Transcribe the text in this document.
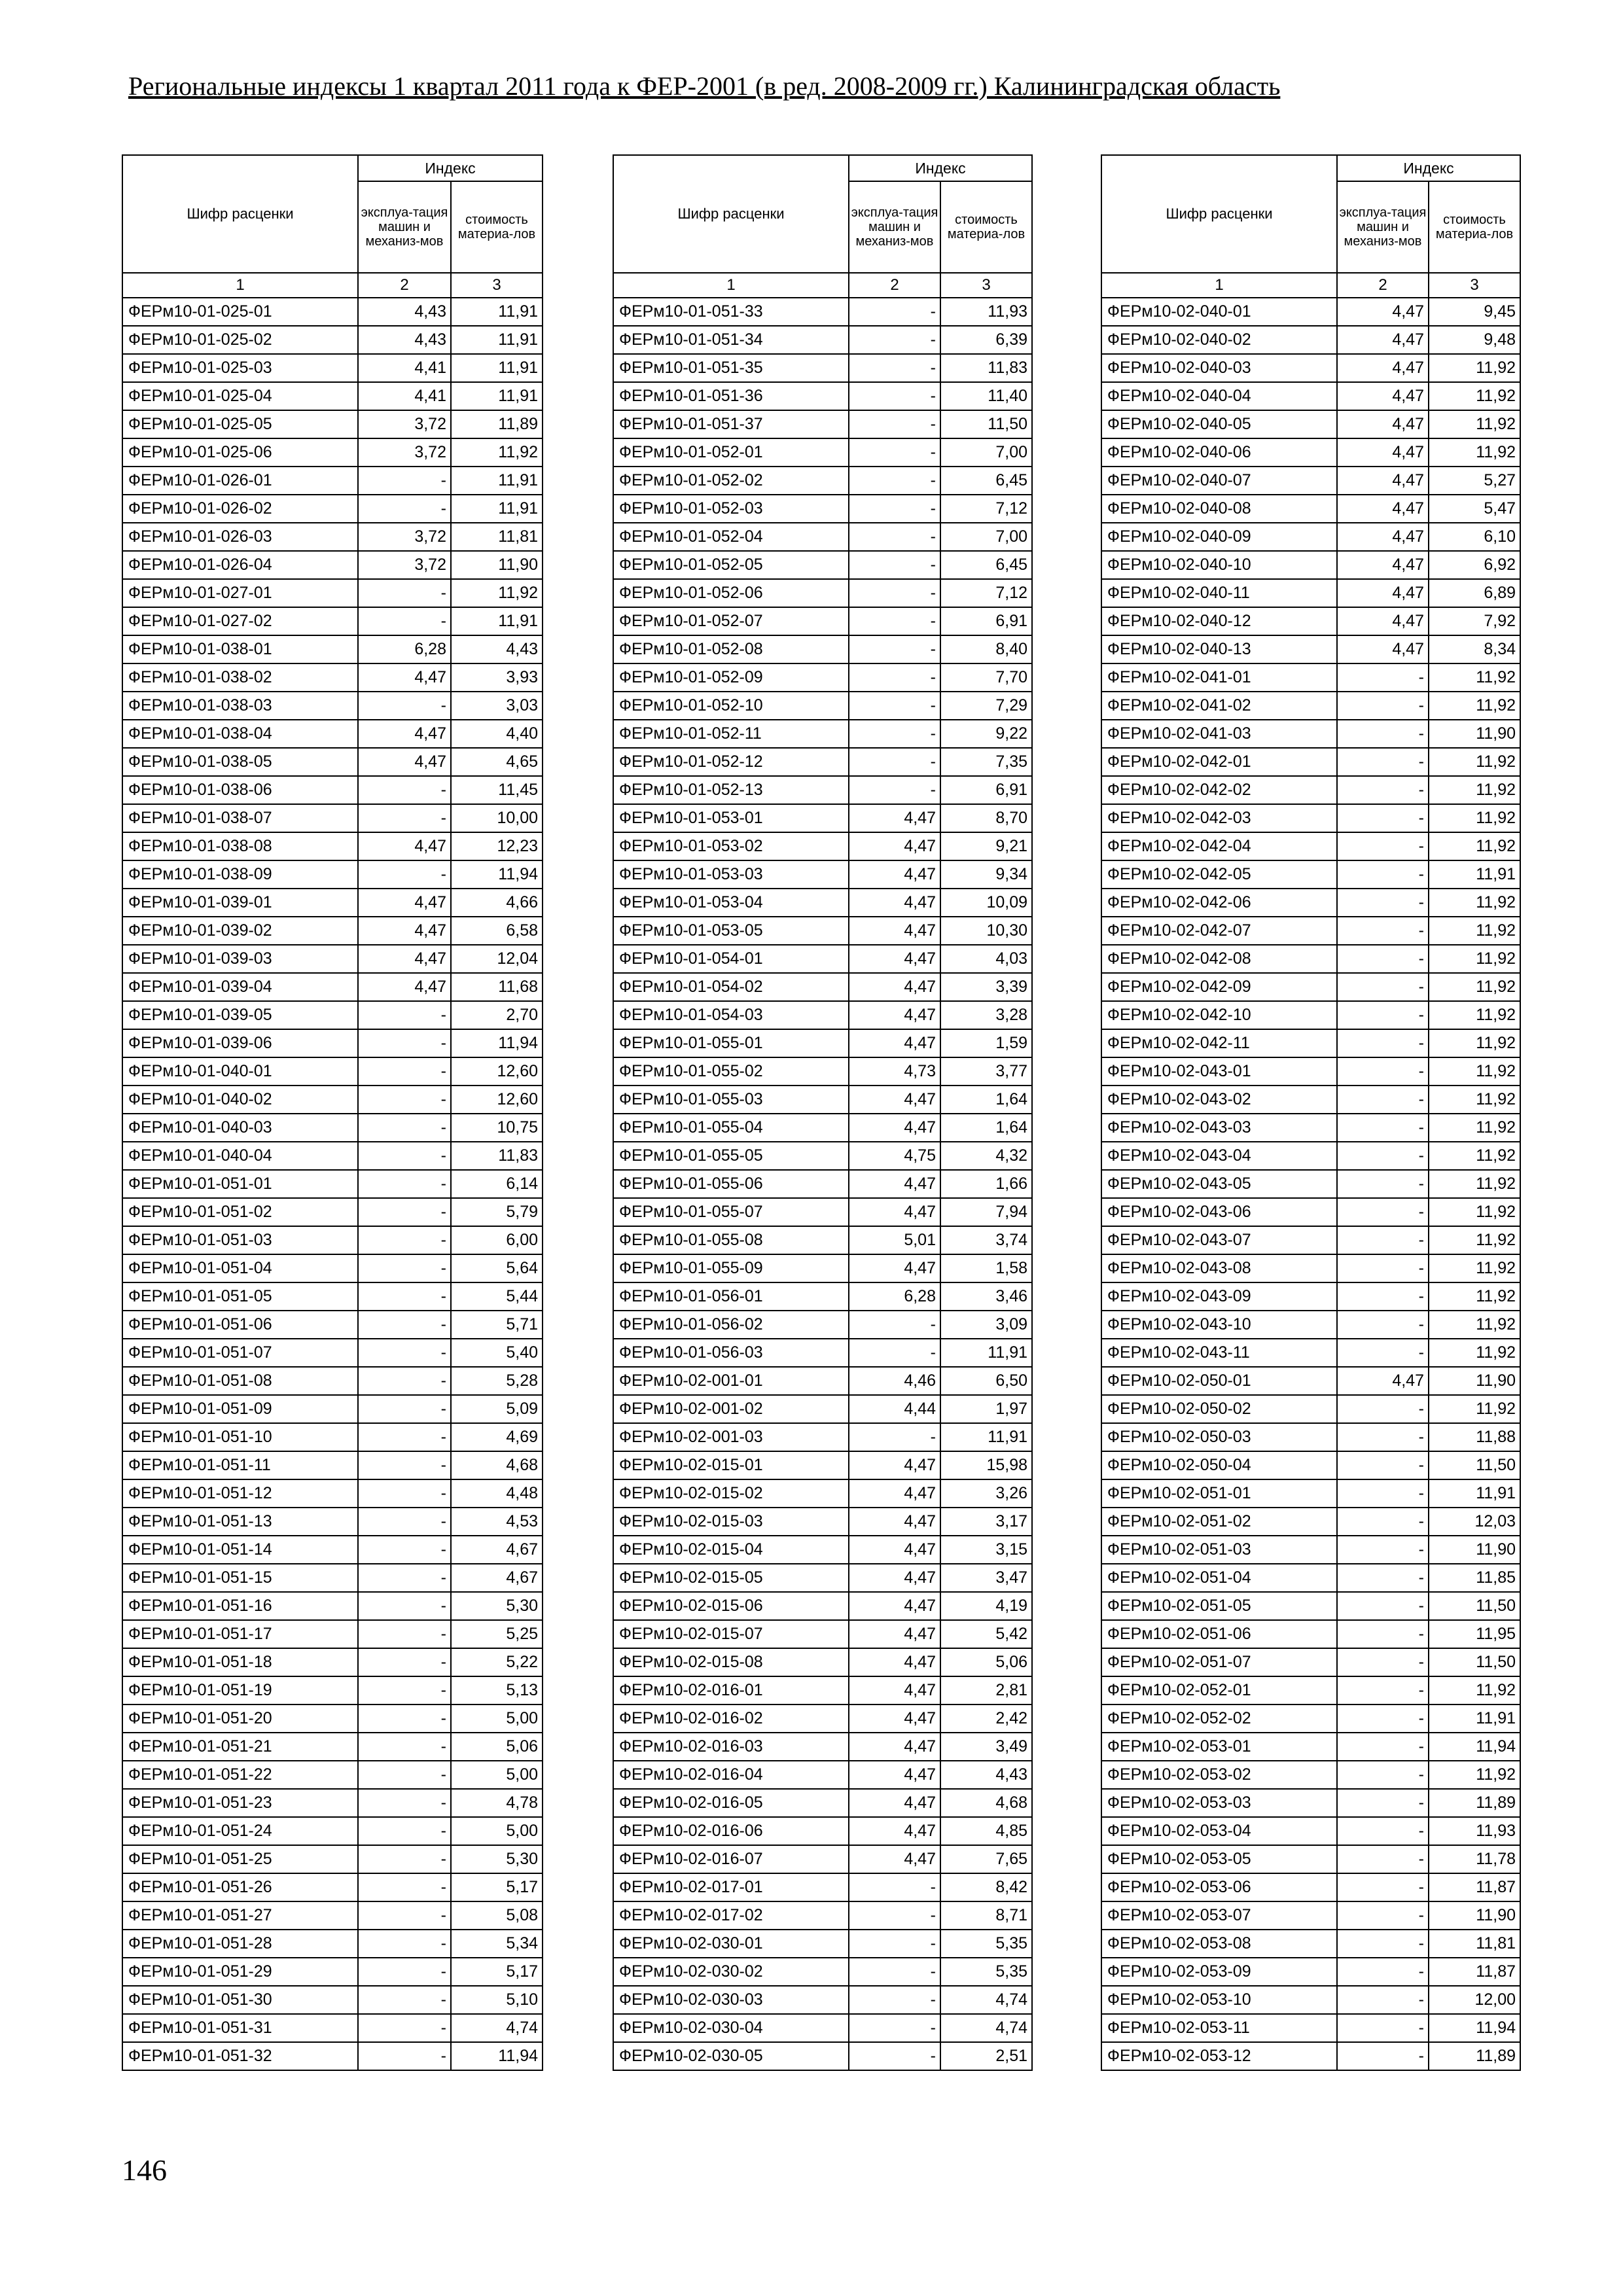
Региональные индексы 1 квартал 2011 года к ФЕР-2001 (в ред. 2008-2009 гг.) Калининградская область
Шифр расценки	Индекс	
	эксплуа-тация машин и механиз-мов	стоимость материа-лов
1	2	3
ФЕРм10-01-025-01	4,43	11,91
ФЕРм10-01-025-02	4,43	11,91
ФЕРм10-01-025-03	4,41	11,91
ФЕРм10-01-025-04	4,41	11,91
ФЕРм10-01-025-05	3,72	11,89
ФЕРм10-01-025-06	3,72	11,92
ФЕРм10-01-026-01	-	11,91
ФЕРм10-01-026-02	-	11,91
ФЕРм10-01-026-03	3,72	11,81
ФЕРм10-01-026-04	3,72	11,90
ФЕРм10-01-027-01	-	11,92
ФЕРм10-01-027-02	-	11,91
ФЕРм10-01-038-01	6,28	4,43
ФЕРм10-01-038-02	4,47	3,93
ФЕРм10-01-038-03	-	3,03
ФЕРм10-01-038-04	4,47	4,40
ФЕРм10-01-038-05	4,47	4,65
ФЕРм10-01-038-06	-	11,45
ФЕРм10-01-038-07	-	10,00
ФЕРм10-01-038-08	4,47	12,23
ФЕРм10-01-038-09	-	11,94
ФЕРм10-01-039-01	4,47	4,66
ФЕРм10-01-039-02	4,47	6,58
ФЕРм10-01-039-03	4,47	12,04
ФЕРм10-01-039-04	4,47	11,68
ФЕРм10-01-039-05	-	2,70
ФЕРм10-01-039-06	-	11,94
ФЕРм10-01-040-01	-	12,60
ФЕРм10-01-040-02	-	12,60
ФЕРм10-01-040-03	-	10,75
ФЕРм10-01-040-04	-	11,83
ФЕРм10-01-051-01	-	6,14
ФЕРм10-01-051-02	-	5,79
ФЕРм10-01-051-03	-	6,00
ФЕРм10-01-051-04	-	5,64
ФЕРм10-01-051-05	-	5,44
ФЕРм10-01-051-06	-	5,71
ФЕРм10-01-051-07	-	5,40
ФЕРм10-01-051-08	-	5,28
ФЕРм10-01-051-09	-	5,09
ФЕРм10-01-051-10	-	4,69
ФЕРм10-01-051-11	-	4,68
ФЕРм10-01-051-12	-	4,48
ФЕРм10-01-051-13	-	4,53
ФЕРм10-01-051-14	-	4,67
ФЕРм10-01-051-15	-	4,67
ФЕРм10-01-051-16	-	5,30
ФЕРм10-01-051-17	-	5,25
ФЕРм10-01-051-18	-	5,22
ФЕРм10-01-051-19	-	5,13
ФЕРм10-01-051-20	-	5,00
ФЕРм10-01-051-21	-	5,06
ФЕРм10-01-051-22	-	5,00
ФЕРм10-01-051-23	-	4,78
ФЕРм10-01-051-24	-	5,00
ФЕРм10-01-051-25	-	5,30
ФЕРм10-01-051-26	-	5,17
ФЕРм10-01-051-27	-	5,08
ФЕРм10-01-051-28	-	5,34
ФЕРм10-01-051-29	-	5,17
ФЕРм10-01-051-30	-	5,10
ФЕРм10-01-051-31	-	4,74
ФЕРм10-01-051-32	-	11,94
Шифр расценки	Индекс	
	эксплуа-тация машин и механиз-мов	стоимость материа-лов
1	2	3
ФЕРм10-01-051-33	-	11,93
ФЕРм10-01-051-34	-	6,39
ФЕРм10-01-051-35	-	11,83
ФЕРм10-01-051-36	-	11,40
ФЕРм10-01-051-37	-	11,50
ФЕРм10-01-052-01	-	7,00
ФЕРм10-01-052-02	-	6,45
ФЕРм10-01-052-03	-	7,12
ФЕРм10-01-052-04	-	7,00
ФЕРм10-01-052-05	-	6,45
ФЕРм10-01-052-06	-	7,12
ФЕРм10-01-052-07	-	6,91
ФЕРм10-01-052-08	-	8,40
ФЕРм10-01-052-09	-	7,70
ФЕРм10-01-052-10	-	7,29
ФЕРм10-01-052-11	-	9,22
ФЕРм10-01-052-12	-	7,35
ФЕРм10-01-052-13	-	6,91
ФЕРм10-01-053-01	4,47	8,70
ФЕРм10-01-053-02	4,47	9,21
ФЕРм10-01-053-03	4,47	9,34
ФЕРм10-01-053-04	4,47	10,09
ФЕРм10-01-053-05	4,47	10,30
ФЕРм10-01-054-01	4,47	4,03
ФЕРм10-01-054-02	4,47	3,39
ФЕРм10-01-054-03	4,47	3,28
ФЕРм10-01-055-01	4,47	1,59
ФЕРм10-01-055-02	4,73	3,77
ФЕРм10-01-055-03	4,47	1,64
ФЕРм10-01-055-04	4,47	1,64
ФЕРм10-01-055-05	4,75	4,32
ФЕРм10-01-055-06	4,47	1,66
ФЕРм10-01-055-07	4,47	7,94
ФЕРм10-01-055-08	5,01	3,74
ФЕРм10-01-055-09	4,47	1,58
ФЕРм10-01-056-01	6,28	3,46
ФЕРм10-01-056-02	-	3,09
ФЕРм10-01-056-03	-	11,91
ФЕРм10-02-001-01	4,46	6,50
ФЕРм10-02-001-02	4,44	1,97
ФЕРм10-02-001-03	-	11,91
ФЕРм10-02-015-01	4,47	15,98
ФЕРм10-02-015-02	4,47	3,26
ФЕРм10-02-015-03	4,47	3,17
ФЕРм10-02-015-04	4,47	3,15
ФЕРм10-02-015-05	4,47	3,47
ФЕРм10-02-015-06	4,47	4,19
ФЕРм10-02-015-07	4,47	5,42
ФЕРм10-02-015-08	4,47	5,06
ФЕРм10-02-016-01	4,47	2,81
ФЕРм10-02-016-02	4,47	2,42
ФЕРм10-02-016-03	4,47	3,49
ФЕРм10-02-016-04	4,47	4,43
ФЕРм10-02-016-05	4,47	4,68
ФЕРм10-02-016-06	4,47	4,85
ФЕРм10-02-016-07	4,47	7,65
ФЕРм10-02-017-01	-	8,42
ФЕРм10-02-017-02	-	8,71
ФЕРм10-02-030-01	-	5,35
ФЕРм10-02-030-02	-	5,35
ФЕРм10-02-030-03	-	4,74
ФЕРм10-02-030-04	-	4,74
ФЕРм10-02-030-05	-	2,51
Шифр расценки	Индекс	
	эксплуа-тация машин и механиз-мов	стоимость материа-лов
1	2	3
ФЕРм10-02-040-01	4,47	9,45
ФЕРм10-02-040-02	4,47	9,48
ФЕРм10-02-040-03	4,47	11,92
ФЕРм10-02-040-04	4,47	11,92
ФЕРм10-02-040-05	4,47	11,92
ФЕРм10-02-040-06	4,47	11,92
ФЕРм10-02-040-07	4,47	5,27
ФЕРм10-02-040-08	4,47	5,47
ФЕРм10-02-040-09	4,47	6,10
ФЕРм10-02-040-10	4,47	6,92
ФЕРм10-02-040-11	4,47	6,89
ФЕРм10-02-040-12	4,47	7,92
ФЕРм10-02-040-13	4,47	8,34
ФЕРм10-02-041-01	-	11,92
ФЕРм10-02-041-02	-	11,92
ФЕРм10-02-041-03	-	11,90
ФЕРм10-02-042-01	-	11,92
ФЕРм10-02-042-02	-	11,92
ФЕРм10-02-042-03	-	11,92
ФЕРм10-02-042-04	-	11,92
ФЕРм10-02-042-05	-	11,91
ФЕРм10-02-042-06	-	11,92
ФЕРм10-02-042-07	-	11,92
ФЕРм10-02-042-08	-	11,92
ФЕРм10-02-042-09	-	11,92
ФЕРм10-02-042-10	-	11,92
ФЕРм10-02-042-11	-	11,92
ФЕРм10-02-043-01	-	11,92
ФЕРм10-02-043-02	-	11,92
ФЕРм10-02-043-03	-	11,92
ФЕРм10-02-043-04	-	11,92
ФЕРм10-02-043-05	-	11,92
ФЕРм10-02-043-06	-	11,92
ФЕРм10-02-043-07	-	11,92
ФЕРм10-02-043-08	-	11,92
ФЕРм10-02-043-09	-	11,92
ФЕРм10-02-043-10	-	11,92
ФЕРм10-02-043-11	-	11,92
ФЕРм10-02-050-01	4,47	11,90
ФЕРм10-02-050-02	-	11,92
ФЕРм10-02-050-03	-	11,88
ФЕРм10-02-050-04	-	11,50
ФЕРм10-02-051-01	-	11,91
ФЕРм10-02-051-02	-	12,03
ФЕРм10-02-051-03	-	11,90
ФЕРм10-02-051-04	-	11,85
ФЕРм10-02-051-05	-	11,50
ФЕРм10-02-051-06	-	11,95
ФЕРм10-02-051-07	-	11,50
ФЕРм10-02-052-01	-	11,92
ФЕРм10-02-052-02	-	11,91
ФЕРм10-02-053-01	-	11,94
ФЕРм10-02-053-02	-	11,92
ФЕРм10-02-053-03	-	11,89
ФЕРм10-02-053-04	-	11,93
ФЕРм10-02-053-05	-	11,78
ФЕРм10-02-053-06	-	11,87
ФЕРм10-02-053-07	-	11,90
ФЕРм10-02-053-08	-	11,81
ФЕРм10-02-053-09	-	11,87
ФЕРм10-02-053-10	-	12,00
ФЕРм10-02-053-11	-	11,94
ФЕРм10-02-053-12	-	11,89
146
